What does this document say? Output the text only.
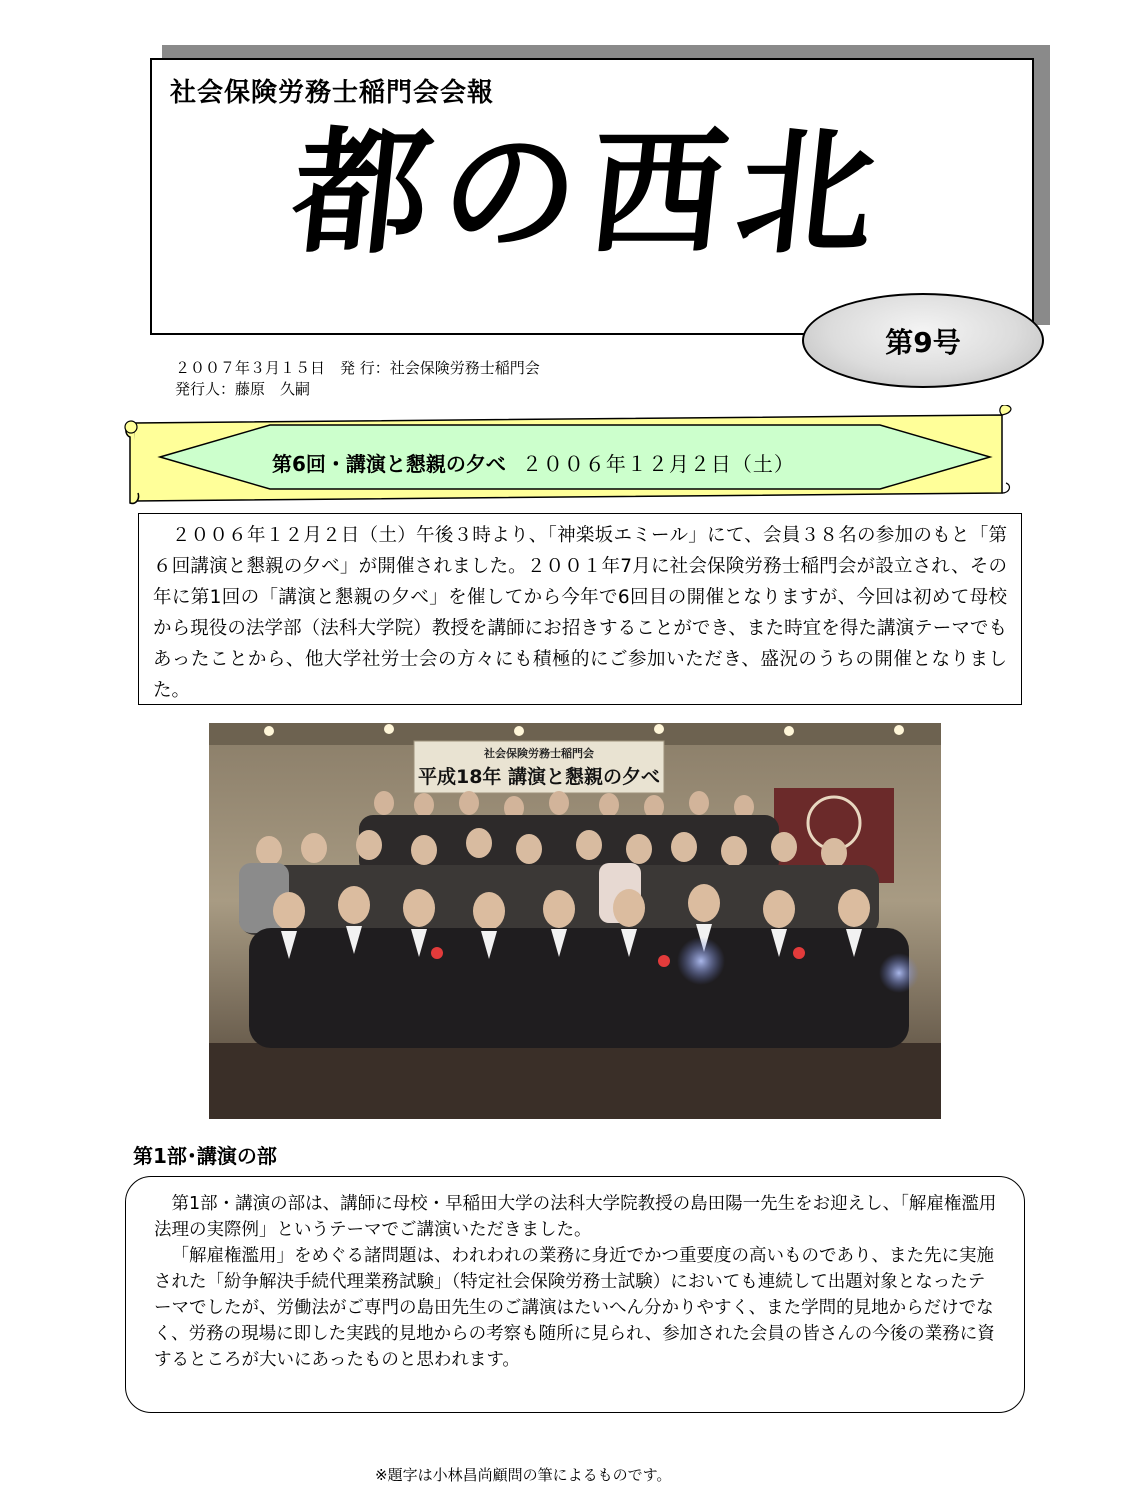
社会保険労務士稲門会会報
都の西北
第9号
２００７年３月１５日　発 行：社会保険労務士稲門会
発行人：藤原　久嗣
第6回・講演と懇親の夕べ ２００６年１２月２日（土）
　２００６年１２月２日（土）午後３時より、「神楽坂エミール」にて、会員３８名の参加のもと「第６回講演と懇親の夕べ」が開催されました。２００１年7月に社会保険労務士稲門会が設立され、その年に第1回の「講演と懇親の夕べ」を催してから今年で6回目の開催となりますが、今回は初めて母校から現役の法学部（法科大学院）教授を講師にお招きすることができ、また時宜を得た講演テーマでもあったことから、他大学社労士会の方々にも積極的にご参加いただき、盛況のうちの開催となりました。
社会保険労務士稲門会
平成18年 講演と懇親の夕べ
第1部･講演の部

第1部・講演の部は、講師に母校・早稲田大学の法科大学院教授の島田陽一先生をお迎えし、「解雇権濫用法理の実際例」というテーマでご講演いただきました。

「解雇権濫用」をめぐる諸問題は、われわれの業務に身近でかつ重要度の高いものであり、また先に実施された「紛争解決手続代理業務試験」（特定社会保険労務士試験）においても連続して出題対象となったテーマでしたが、労働法がご専門の島田先生のご講演はたいへん分かりやすく、また学問的見地からだけでなく、労務の現場に即した実践的見地からの考察も随所に見られ、参加された会員の皆さんの今後の業務に資するところが大いにあったものと思われます。

※題字は小林昌尚顧問の筆によるものです。
